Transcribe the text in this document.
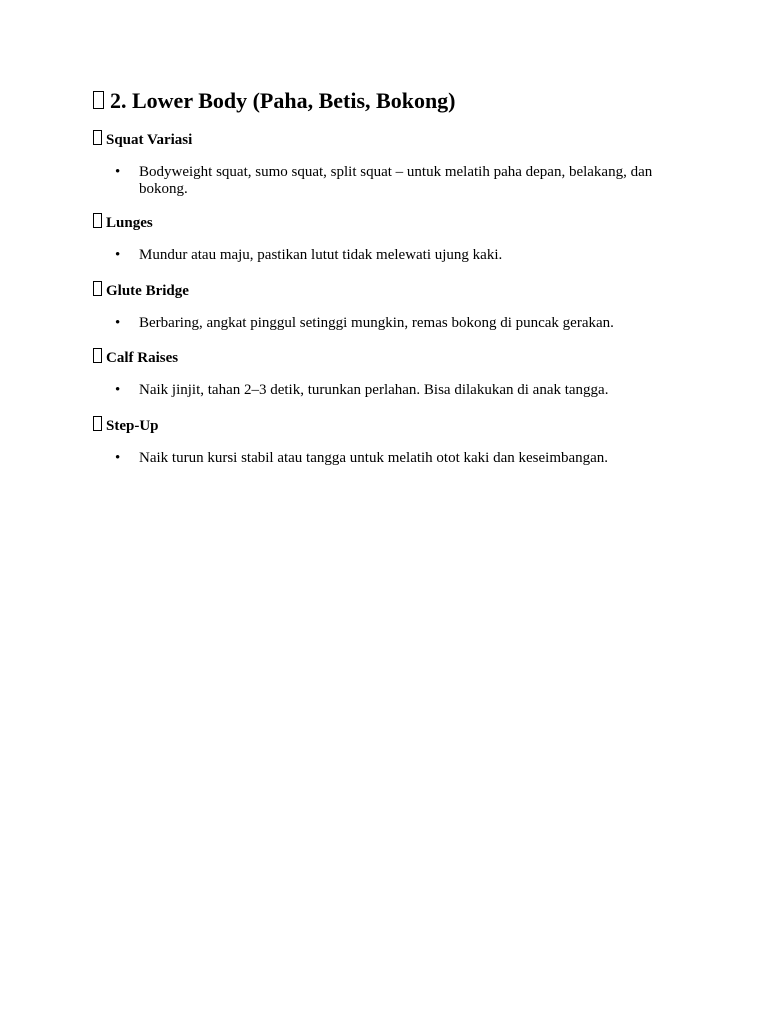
2. Lower Body (Paha, Betis, Bokong)
Squat Variasi
• Bodyweight squat, sumo squat, split squat – untuk melatih paha depan, belakang, dan bokong.
Lunges
• Mundur atau maju, pastikan lutut tidak melewati ujung kaki.
Glute Bridge
• Berbaring, angkat pinggul setinggi mungkin, remas bokong di puncak gerakan.
Calf Raises
• Naik jinjit, tahan 2–3 detik, turunkan perlahan. Bisa dilakukan di anak tangga.
Step-Up
• Naik turun kursi stabil atau tangga untuk melatih otot kaki dan keseimbangan.
